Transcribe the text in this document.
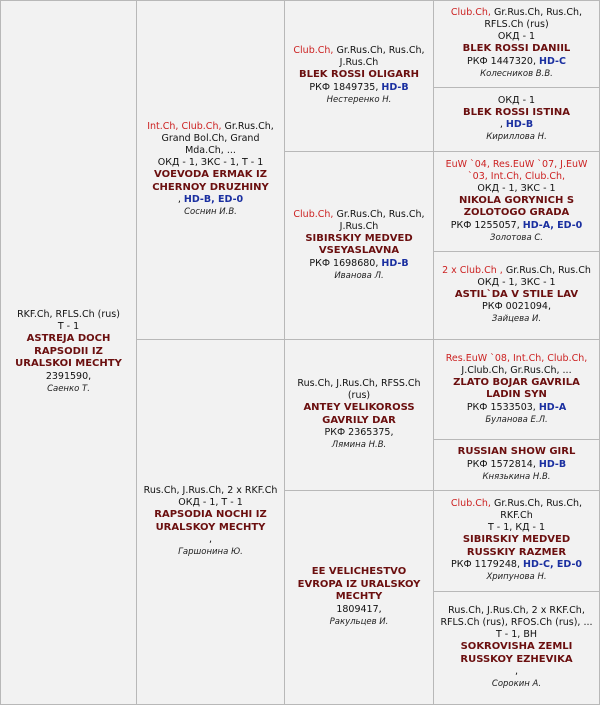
RKF.Ch, RFLS.Ch (rus)
Т - 1
ASTREJA DOCH RAPSODII IZ URALSKOI MECHTY
2391590,
Саенко Т.
Int.Ch, Club.Ch, Gr.Rus.Ch, Grand Bol.Ch, Grand Mda.Ch, ...
ОКД - 1, ЗКС - 1, Т - 1
VOEVODA ERMAK IZ CHERNOY DRUZHINY
, HD-B, ED-0
Соснин И.В.
Rus.Ch, J.Rus.Ch, 2 x RKF.Ch
ОКД - 1, Т - 1
RAPSODIA NOCHI IZ URALSKOY MECHTY
,
Гаршонина Ю.
Club.Ch, Gr.Rus.Ch, Rus.Ch, J.Rus.Ch
BLEK ROSSI OLIGARH
РКФ 1849735, HD-B
Нестеренко Н.
Club.Ch, Gr.Rus.Ch, Rus.Ch, J.Rus.Ch
SIBIRSKIY MEDVED VSEYASLAVNA
РКФ 1698680, HD-B
Иванова Л.
Rus.Ch, J.Rus.Ch, RFSS.Ch (rus)
ANTEY VELIKOROSS GAVRILY DAR
РКФ 2365375,
Лямина Н.В.
EE VELICHESTVO EVROPA IZ URALSKOY MECHTY
1809417,
Ракульцев И.
Club.Ch, Gr.Rus.Ch, Rus.Ch, RFLS.Ch (rus)
ОКД - 1
BLEK ROSSI DANIIL
РКФ 1447320, HD-C
Колесников В.В.
ОКД - 1
BLEK ROSSI ISTINA
, HD-B
Кириллова Н.
EuW `04, Res.EuW `07, J.EuW `03, Int.Ch, Club.Ch,
ОКД - 1, ЗКС - 1
NIKOLA GORYNICH S ZOLOTOGO GRADA
РКФ 1255057, HD-A, ED-0
Золотова С.
2 x Club.Ch , Gr.Rus.Ch, Rus.Ch
ОКД - 1, ЗКС - 1
ASTIL`DA V STILE LAV
РКФ 0021094,
Зайцева И.
Res.EuW `08, Int.Ch, Club.Ch, J.Club.Ch, Gr.Rus.Ch, ...
ZLATO BOJAR GAVRILA LADIN SYN
РКФ 1533503, HD-A
Буланова Е.Л.
RUSSIAN SHOW GIRL
РКФ 1572814, HD-B
Князькина Н.В.
Club.Ch, Gr.Rus.Ch, Rus.Ch, RKF.Ch
Т - 1, КД - 1
SIBIRSKIY MEDVED RUSSKIY RAZMER
РКФ 1179248, HD-C, ED-0
Хрипунова Н.
Rus.Ch, J.Rus.Ch, 2 x RKF.Ch, RFLS.Ch (rus), RFOS.Ch (rus), ...
Т - 1, ВН
SOKROVISHA ZEMLI RUSSKOY EZHEVIKA
,
Сорокин А.
